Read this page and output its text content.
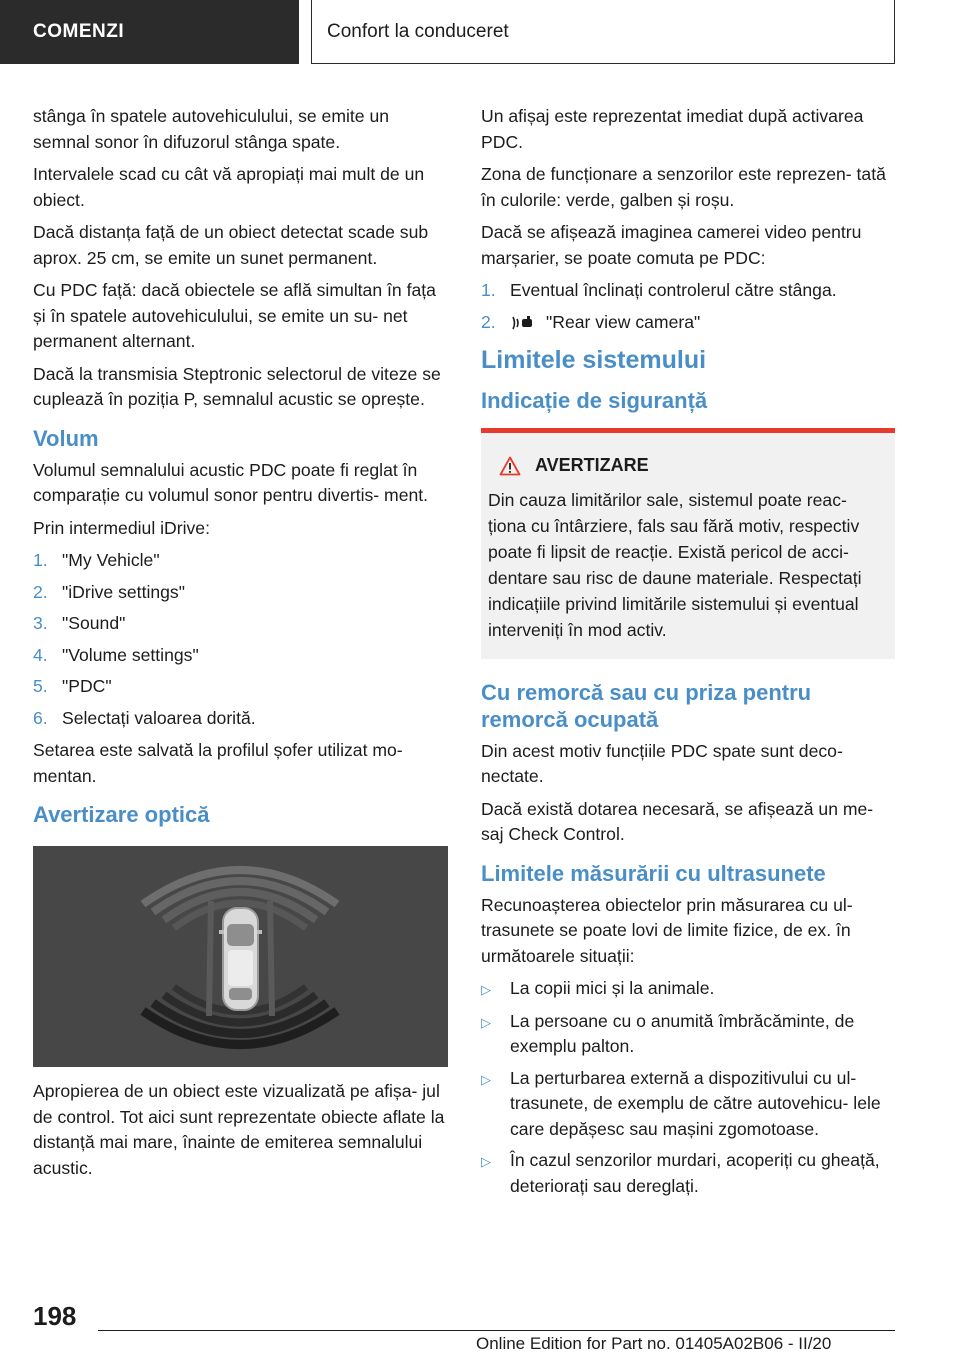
COMENZI	Confort la conduceret

stânga în spatele autovehiculului, se emite un semnal sonor în difuzorul stânga spate.

Intervalele scad cu cât vă apropiați mai mult de un obiect.

Dacă distanța față de un obiect detectat scade sub aprox. 25 cm, se emite un sunet permanent.

Cu PDC față: dacă obiectele se află simultan în fața și în spatele autovehiculului, se emite un su‐ net permanent alternant.

Dacă la transmisia Steptronic selectorul de viteze se cuplează în poziția P, semnalul acustic se oprește.

Volum

Volumul semnalului acustic PDC poate fi reglat în comparație cu volumul sonor pentru divertis‐ ment.

Prin intermediul iDrive:

1. "My Vehicle"
2. "iDrive settings"
3. "Sound"
4. "Volume settings"
5. "PDC"
6. Selectați valoarea dorită.

Setarea este salvată la profilul șofer utilizat mo‐ mentan.

Avertizare optică

Apropierea de un obiect este vizualizată pe afișa‐ jul de control. Tot aici sunt reprezentate obiecte aflate la distanță mai mare, înainte de emiterea semnalului acustic.

Un afișaj este reprezentat imediat după activarea PDC.

Zona de funcționare a senzorilor este reprezen‐ tată în culorile: verde, galben și roșu.

Dacă se afișează imaginea camerei video pentru marșarier, se poate comuta pe PDC:

1. Eventual înclinați controlerul către stânga.
2.	"Rear view camera"
Limitele sistemului
Indicație de siguranță
AVERTIZARE
Din cauza limitărilor sale, sistemul poate reac‐ ționa cu întârziere, fals sau fără motiv, respectiv poate fi lipsit de reacție. Există pericol de acci‐ dentare sau risc de daune materiale. Respectați indicațiile privind limitările sistemului și eventual interveniți în mod activ.
Cu remorcă sau cu priza pentru remorcă ocupată

Din acest motiv funcțiile PDC spate sunt deco‐ nectate.

Dacă există dotarea necesară, se afișează un me‐ saj Check Control.

Limitele măsurării cu ultrasunete

Recunoașterea obiectelor prin măsurarea cu ul‐ trasunete se poate lovi de limite fizice, de ex. în următoarele situații:

▷	La copii mici și la animale.
▷	La persoane cu o anumită îmbrăcăminte, de exemplu palton.
▷	La perturbarea externă a dispozitivului cu ul‐ trasunete, de exemplu de către autovehicu‐ lele care depășesc sau mașini zgomotoase.
▷	În cazul senzorilor murdari, acoperiți cu gheață, deteriorați sau dereglați.
198
Online Edition for Part no. 01405A02B06 - II/20
